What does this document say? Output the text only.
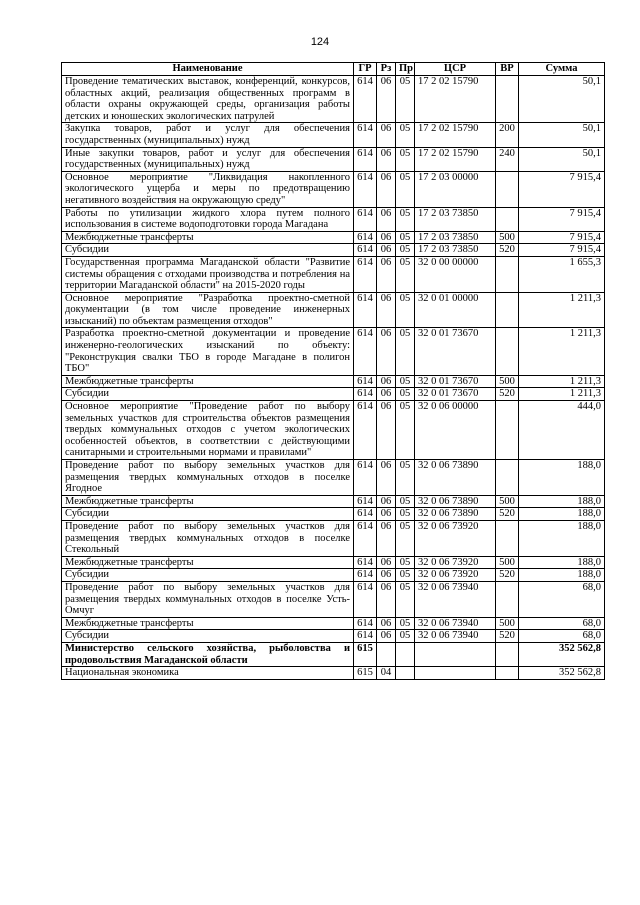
124
Наименование	ГР	Рз	Пр	ЦСР	ВР	Сумма
Проведение тематических выставок, конференций, конкурсов, областных акций, реализация общественных программ в области охраны окружающей среды, организация работы детских и юношеских экологических патрулей	614	06	05	17 2 02 15790		50,1
Закупка товаров, работ и услуг для обеспечения государственных (муниципальных) нужд	614	06	05	17 2 02 15790	200	50,1
Иные закупки товаров, работ и услуг для обеспечения государственных (муниципальных) нужд	614	06	05	17 2 02 15790	240	50,1
Основное мероприятие "Ликвидация накопленного экологического ущерба и меры по предотвращению негативного воздействия на окружающую среду"	614	06	05	17 2 03 00000		7 915,4
Работы по утилизации жидкого хлора путем полного использования в системе водоподготовки города Магадана	614	06	05	17 2 03 73850		7 915,4
Межбюджетные трансферты	614	06	05	17 2 03 73850	500	7 915,4
Субсидии	614	06	05	17 2 03 73850	520	7 915,4
Государственная программа Магаданской области "Развитие системы обращения с отходами производства и потребления на территории Магаданской области" на 2015-2020 годы	614	06	05	32 0 00 00000		1 655,3
Основное мероприятие "Разработка проектно-сметной документации (в том числе проведение инженерных изысканий) по объектам размещения отходов"	614	06	05	32 0 01 00000		1 211,3
Разработка проектно-сметной документации и проведение инженерно-геологических изысканий по объекту: "Реконструкция свалки ТБО в городе Магадане в полигон ТБО"	614	06	05	32 0 01 73670		1 211,3
Межбюджетные трансферты	614	06	05	32 0 01 73670	500	1 211,3
Субсидии	614	06	05	32 0 01 73670	520	1 211,3
Основное мероприятие "Проведение работ по выбору земельных участков для строительства объектов размещения твердых коммунальных отходов с учетом экологических особенностей объектов, в соответствии с действующими санитарными и строительными нормами и правилами"	614	06	05	32 0 06 00000		444,0
Проведение работ по выбору земельных участков для размещения твердых коммунальных отходов в поселке Ягодное	614	06	05	32 0 06 73890		188,0
Межбюджетные трансферты	614	06	05	32 0 06 73890	500	188,0
Субсидии	614	06	05	32 0 06 73890	520	188,0
Проведение работ по выбору земельных участков для размещения твердых коммунальных отходов в поселке Стекольный	614	06	05	32 0 06 73920		188,0
Межбюджетные трансферты	614	06	05	32 0 06 73920	500	188,0
Субсидии	614	06	05	32 0 06 73920	520	188,0
Проведение работ по выбору земельных участков для размещения твердых коммунальных отходов в поселке Усть-Омчуг	614	06	05	32 0 06 73940		68,0
Межбюджетные трансферты	614	06	05	32 0 06 73940	500	68,0
Субсидии	614	06	05	32 0 06 73940	520	68,0
Министерство сельского хозяйства, рыболовства и продовольствия Магаданской области	615					352 562,8
Национальная экономика	615	04				352 562,8
